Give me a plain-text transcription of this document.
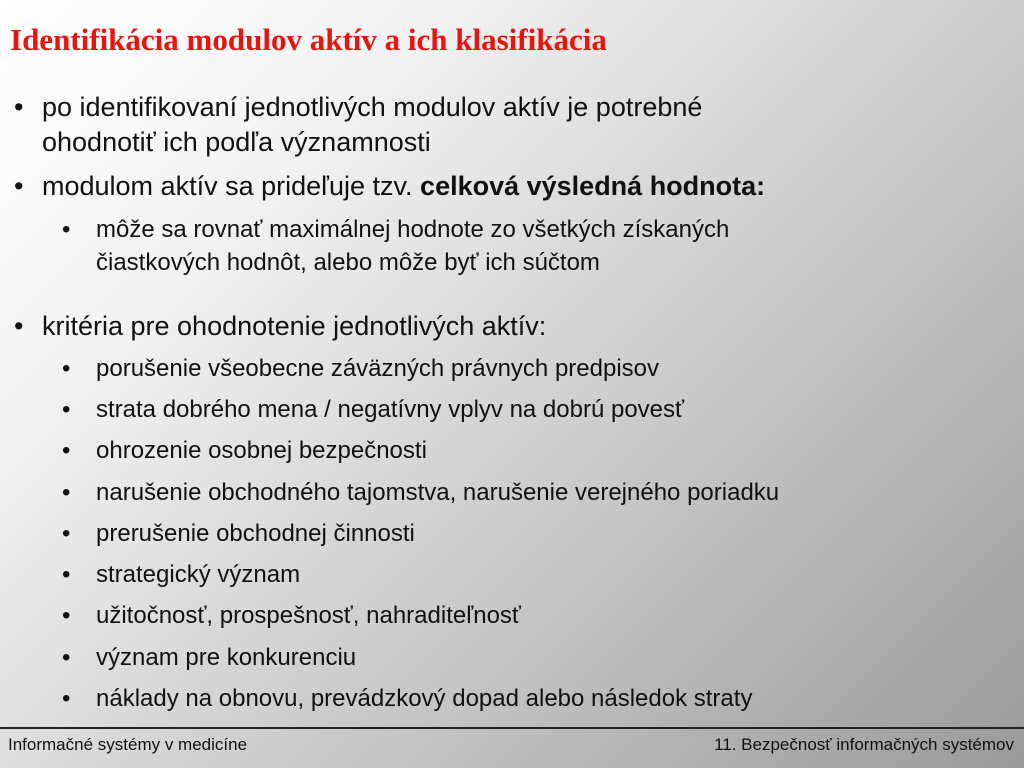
Identifikácia modulov aktív a ich klasifikácia
• po identifikovaní jednotlivých modulov aktív je potrebné
ohodnotiť ich podľa významnosti
• modulom aktív sa prideľuje tzv. celková výsledná hodnota:
• môže sa rovnať maximálnej hodnote zo všetkých získaných
čiastkových hodnôt, alebo môže byť ich súčtom
• kritéria pre ohodnotenie jednotlivých aktív:
• porušenie všeobecne záväzných právnych predpisov
• strata dobrého mena / negatívny vplyv na dobrú povesť
• ohrozenie osobnej bezpečnosti
• narušenie obchodného tajomstva, narušenie verejného poriadku
• prerušenie obchodnej činnosti
• strategický význam
• užitočnosť, prospešnosť, nahraditeľnosť
• význam pre konkurenciu
• náklady na obnovu, prevádzkový dopad alebo následok straty
Informačné systémy v medicíne	11. Bezpečnosť informačných systémov
